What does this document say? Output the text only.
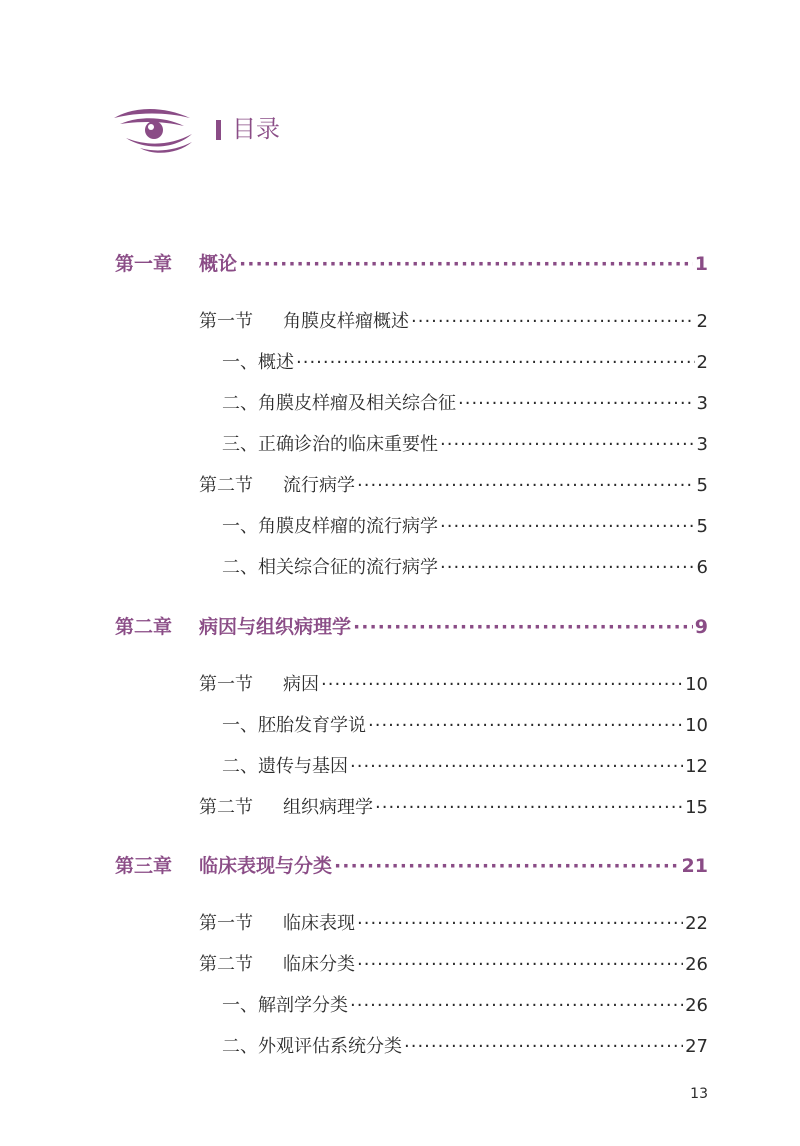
目录
第一章 概论 ·····	1
第一节 角膜皮样瘤概述 ·····	2
一、概述 ·····	2
二、角膜皮样瘤及相关综合征 ·····	3
三、正确诊治的临床重要性 ·····	3
第二节 流行病学 ·····	5
一、角膜皮样瘤的流行病学 ·····	5
二、相关综合征的流行病学 ·····	6
第二章 病因与组织病理学 ·····	9
第一节 病因 ·····	10
一、胚胎发育学说 ·····	10
二、遗传与基因 ·····	12
第二节 组织病理学 ·····	15
第三章 临床表现与分类 ·····	21
第一节 临床表现 ·····	22
第二节 临床分类 ·····	26
一、解剖学分类 ·····	26
二、外观评估系统分类 ·····	27
13
